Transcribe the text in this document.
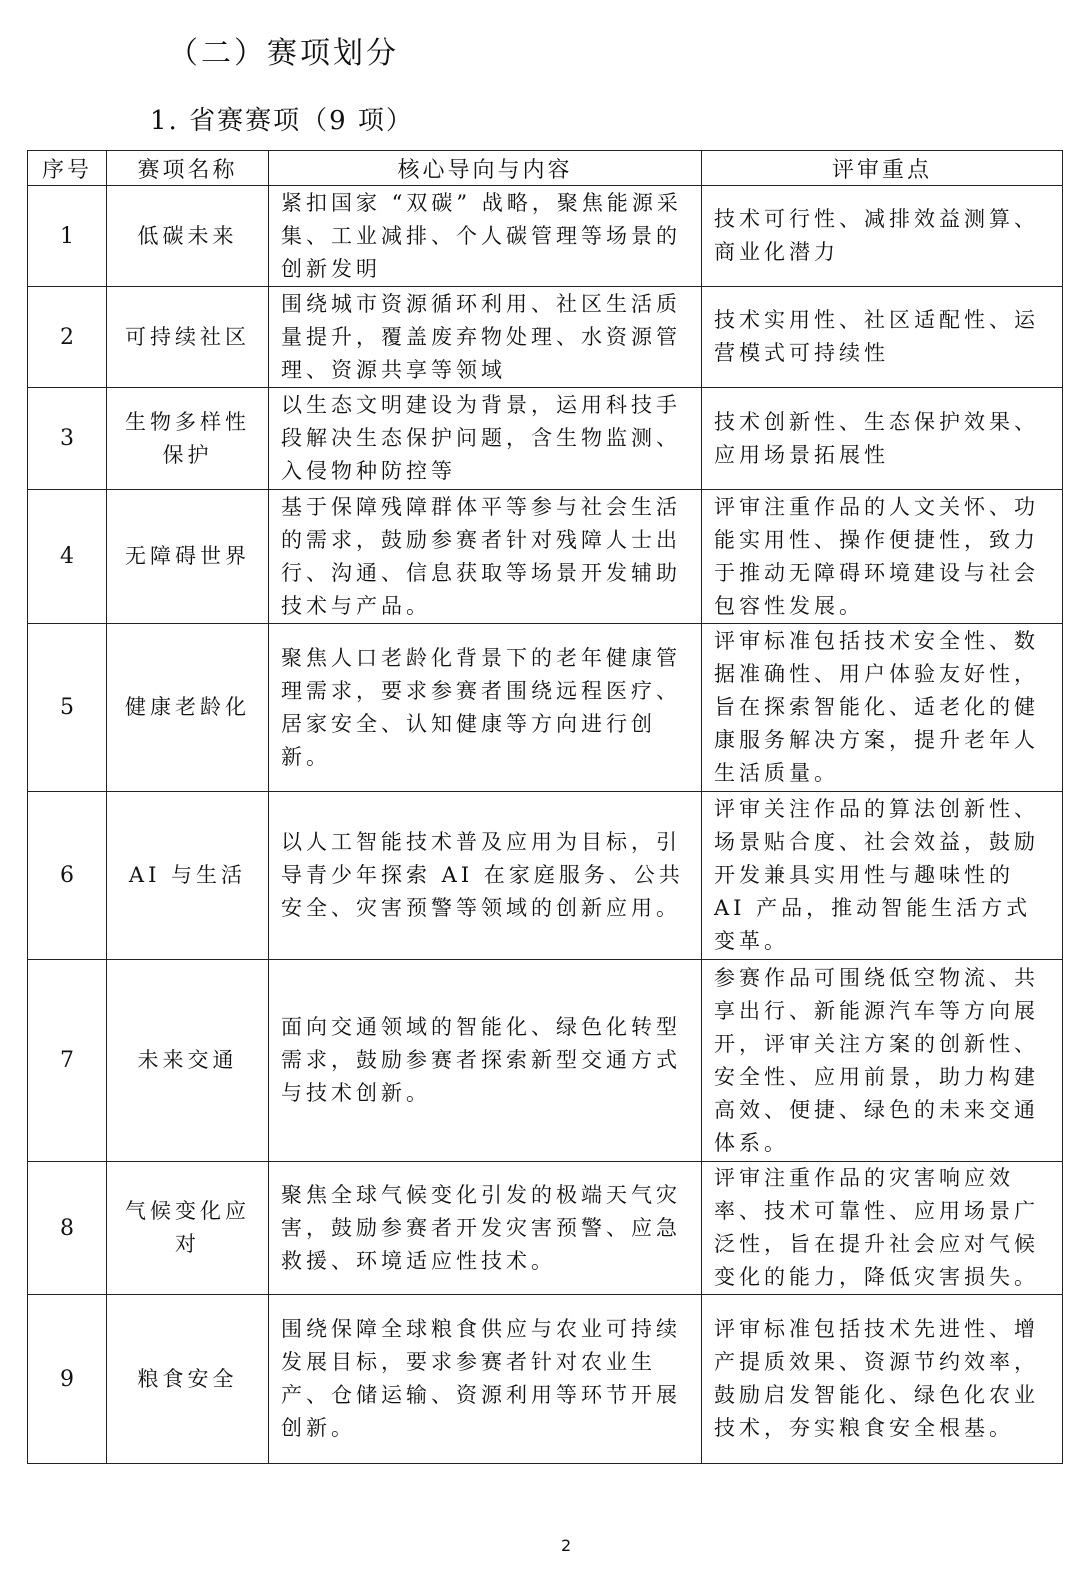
（二）赛项划分
1. 省赛赛项（9 项）
序号	赛项名称	核心导向与内容	评审重点
1	低碳未来	紧扣国家 “双碳” 战略，聚焦能源采集、工业减排、个人碳管理等场景的创新发明	技术可行性、减排效益测算、商业化潜力
2	可持续社区	围绕城市资源循环利用、社区生活质量提升，覆盖废弃物处理、水资源管理、资源共享等领域	技术实用性、社区适配性、运营模式可持续性
3	生物多样性保护	以生态文明建设为背景，运用科技手段解决生态保护问题，含生物监测、入侵物种防控等	技术创新性、生态保护效果、应用场景拓展性
4	无障碍世界	基于保障残障群体平等参与社会生活的需求，鼓励参赛者针对残障人士出行、沟通、信息获取等场景开发辅助技术与产品。	评审注重作品的人文关怀、功能实用性、操作便捷性，致力于推动无障碍环境建设与社会包容性发展。
5	健康老龄化	聚焦人口老龄化背景下的老年健康管理需求，要求参赛者围绕远程医疗、居家安全、认知健康等方向进行创新。	评审标准包括技术安全性、数据准确性、用户体验友好性，旨在探索智能化、适老化的健康服务解决方案，提升老年人生活质量。
6	AI 与生活	以人工智能技术普及应用为目标，引导青少年探索 AI 在家庭服务、公共安全、灾害预警等领域的创新应用。	评审关注作品的算法创新性、场景贴合度、社会效益，鼓励开发兼具实用性与趣味性的 AI 产品，推动智能生活方式变革。
7	未来交通	面向交通领域的智能化、绿色化转型需求，鼓励参赛者探索新型交通方式与技术创新。	参赛作品可围绕低空物流、共享出行、新能源汽车等方向展开，评审关注方案的创新性、安全性、应用前景，助力构建高效、便捷、绿色的未来交通体系。
8	气候变化应对	聚焦全球气候变化引发的极端天气灾害，鼓励参赛者开发灾害预警、应急救援、环境适应性技术。	评审注重作品的灾害响应效率、技术可靠性、应用场景广泛性，旨在提升社会应对气候变化的能力，降低灾害损失。
9	粮食安全	围绕保障全球粮食供应与农业可持续发展目标，要求参赛者针对农业生产、仓储运输、资源利用等环节开展创新。	评审标准包括技术先进性、增产提质效果、资源节约效率，鼓励启发智能化、绿色化农业技术，夯实粮食安全根基。
2
